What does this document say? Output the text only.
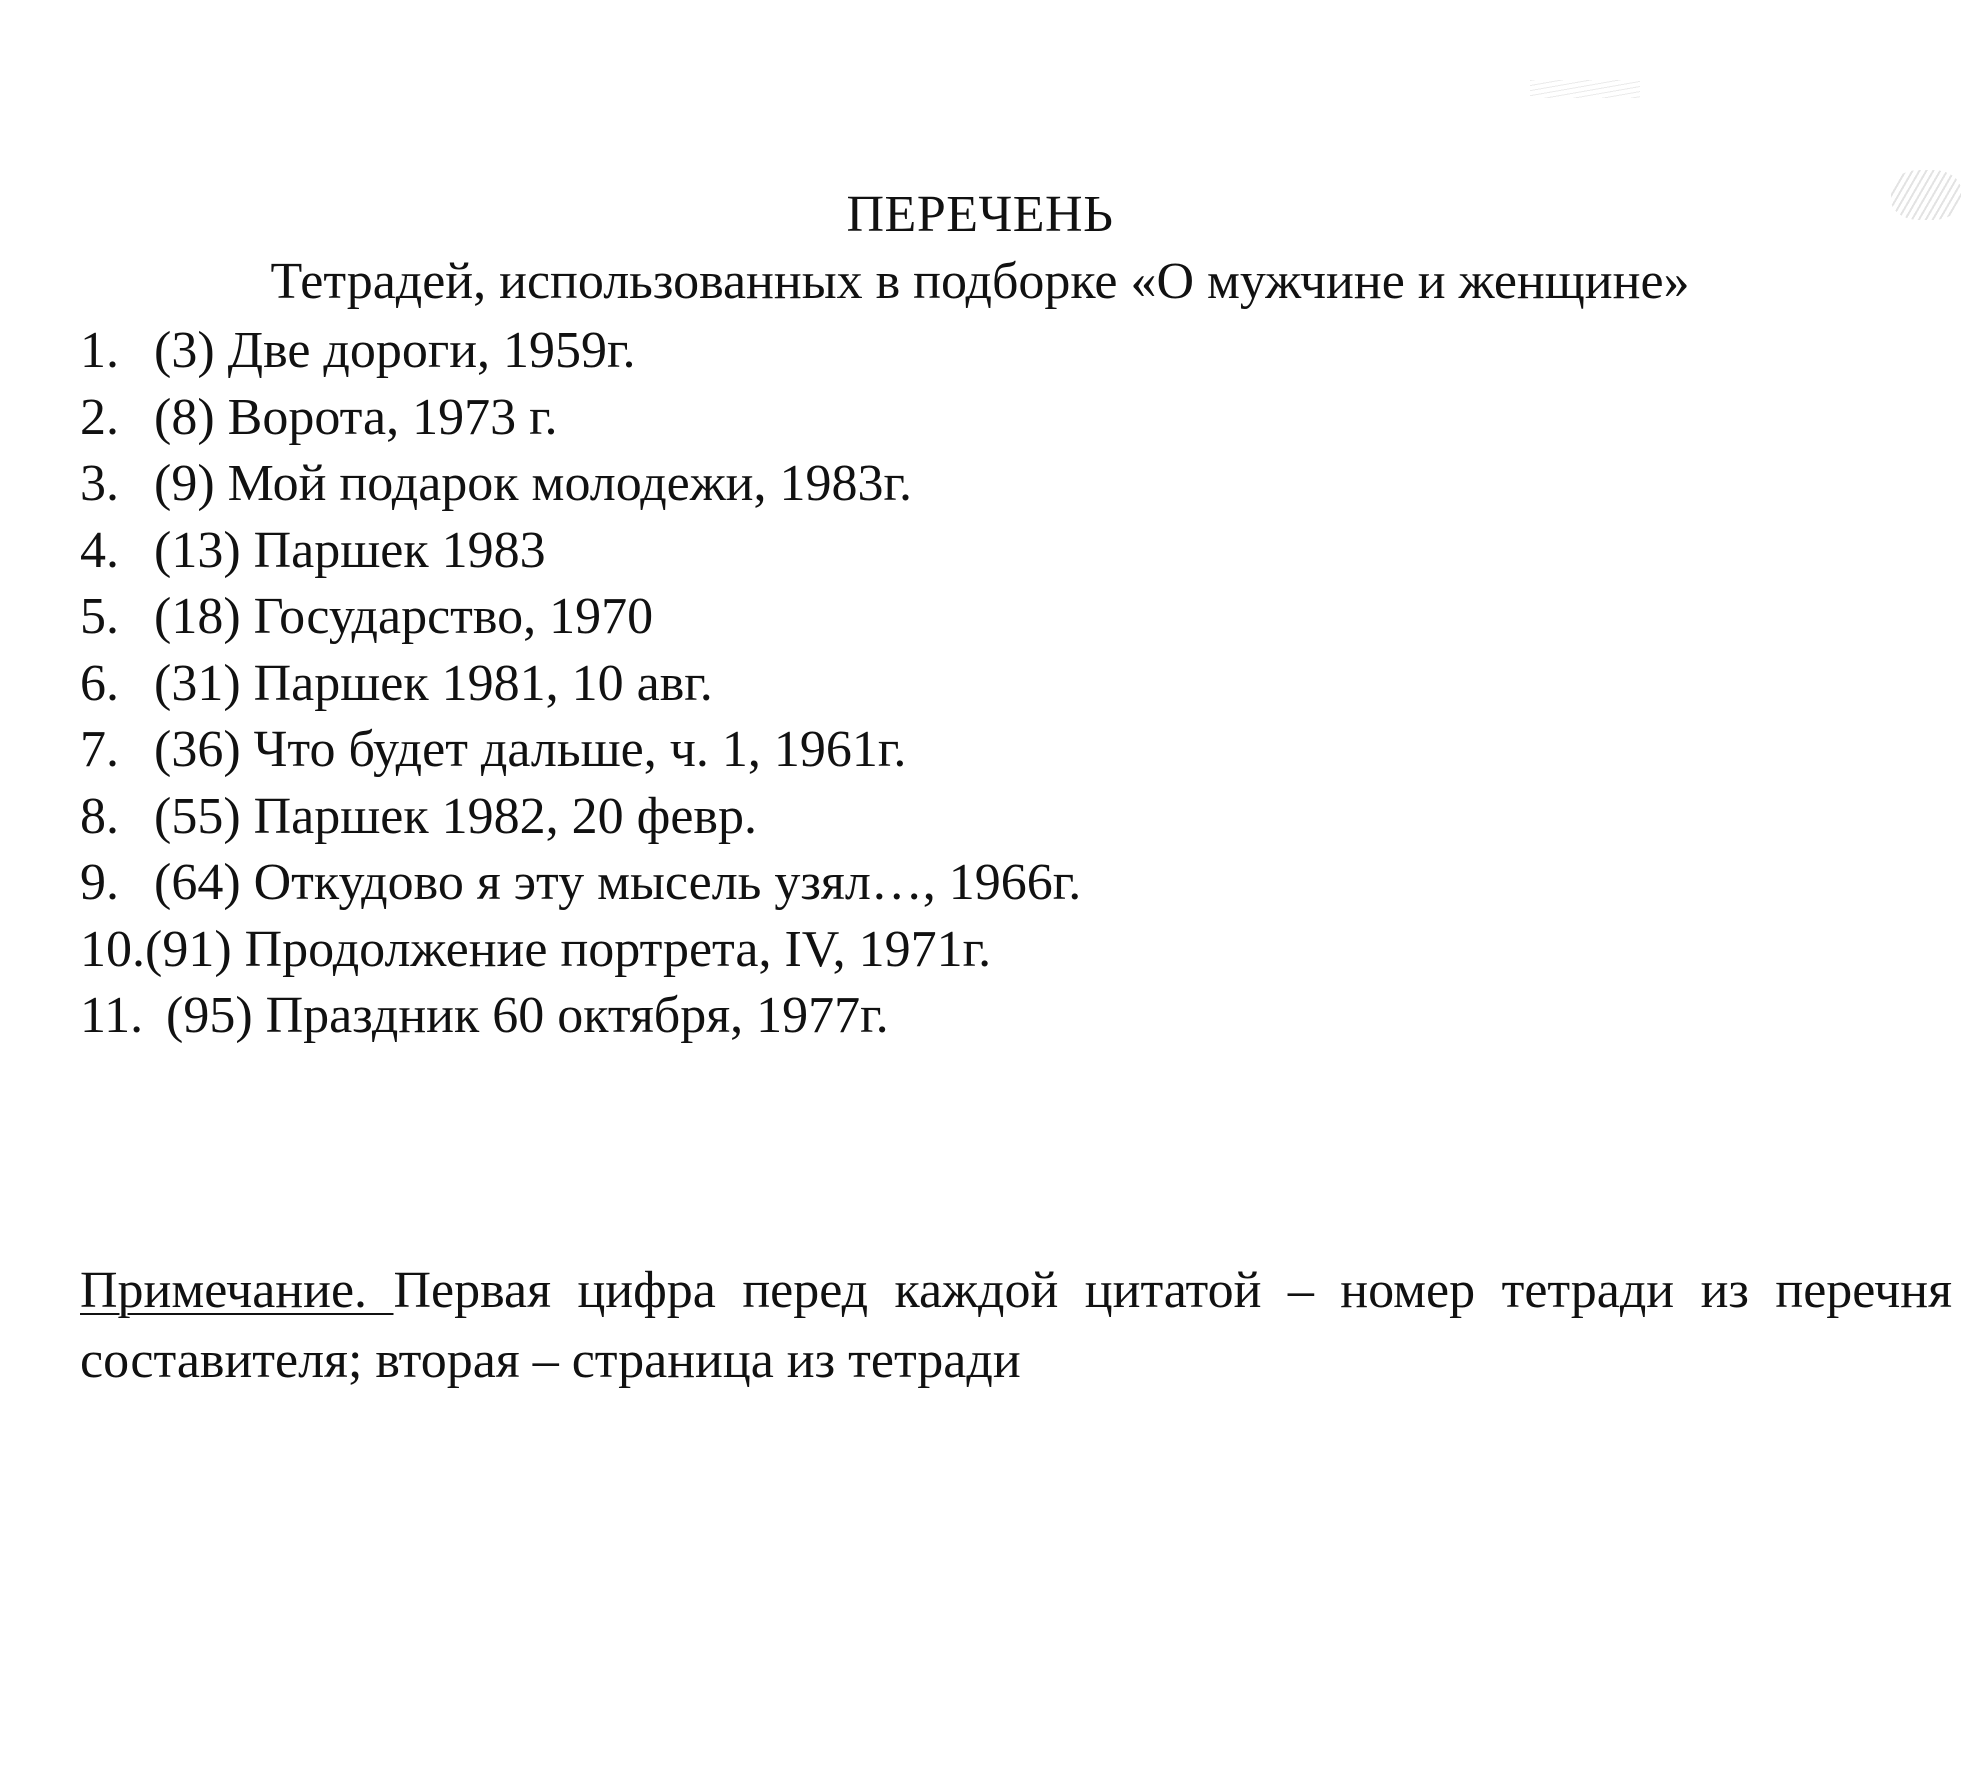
ПЕРЕЧЕНЬ
Тетрадей, использованных в подборке «О мужчине и женщине»
1. (3) Две дороги, 1959г.
2. (8) Ворота, 1973 г.
3. (9) Мой подарок молодежи, 1983г.
4. (13) Паршек 1983
5. (18) Государство, 1970
6. (31) Паршек 1981, 10 авг.
7. (36) Что будет дальше, ч. 1, 1961г.
8. (55) Паршек 1982, 20 февр.
9. (64) Откудово я эту мысель узял…, 1966г.
10. (91) Продолжение портрета, IV, 1971г.
11. (95) Праздник 60 октября, 1977г.
Примечание. Первая цифра перед каждой цитатой – номер тетради из перечня составителя; вторая – страница из тетради
